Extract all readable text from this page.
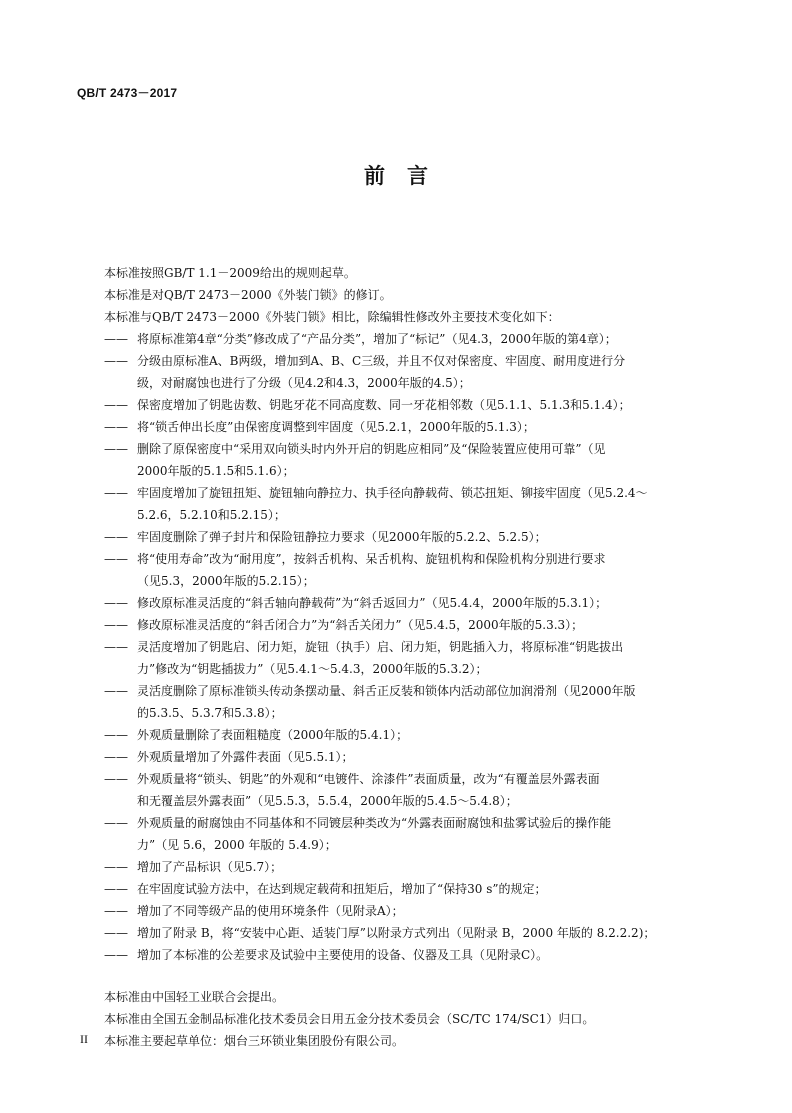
QB/T 2473－2017
前言

本标准按照GB/T 1.1－2009给出的规则起草。

本标准是对QB/T 2473－2000《外装门锁》的修订。

本标准与QB/T 2473－2000《外装门锁》相比，除编辑性修改外主要技术变化如下：

—— 将原标准第4章“分类”修改成了“产品分类”，增加了“标记”（见4.3，2000年版的第4章）；
—— 分级由原标准A、B两级，增加到A、B、C三级，并且不仅对保密度、牢固度、耐用度进行分
级，对耐腐蚀也进行了分级（见4.2和4.3，2000年版的4.5）；
—— 保密度增加了钥匙齿数、钥匙牙花不同高度数、同一牙花相邻数（见5.1.1、5.1.3和5.1.4）；
—— 将“锁舌伸出长度”由保密度调整到牢固度（见5.2.1，2000年版的5.1.3）；
—— 删除了原保密度中“采用双向锁头时内外开启的钥匙应相同”及“保险装置应使用可靠”（见
2000年版的5.1.5和5.1.6）；
—— 牢固度增加了旋钮扭矩、旋钮轴向静拉力、执手径向静载荷、锁芯扭矩、铆接牢固度（见5.2.4～
5.2.6，5.2.10和5.2.15）；
—— 牢固度删除了弹子封片和保险钮静拉力要求（见2000年版的5.2.2、5.2.5）；
—— 将“使用寿命”改为“耐用度”，按斜舌机构、呆舌机构、旋钮机构和保险机构分别进行要求
（见5.3，2000年版的5.2.15）；
—— 修改原标准灵活度的“斜舌轴向静载荷”为“斜舌返回力”（见5.4.4，2000年版的5.3.1）；
—— 修改原标准灵活度的“斜舌闭合力”为“斜舌关闭力”（见5.4.5，2000年版的5.3.3）；
—— 灵活度增加了钥匙启、闭力矩，旋钮（执手）启、闭力矩，钥匙插入力，将原标准“钥匙拔出
力”修改为“钥匙插拔力”（见5.4.1～5.4.3，2000年版的5.3.2）；
—— 灵活度删除了原标准锁头传动条摆动量、斜舌正反装和锁体内活动部位加润滑剂（见2000年版
的5.3.5、5.3.7和5.3.8）；
—— 外观质量删除了表面粗糙度（2000年版的5.4.1）；
—— 外观质量增加了外露件表面（见5.5.1）；
—— 外观质量将“锁头、钥匙”的外观和“电镀件、涂漆件”表面质量，改为“有覆盖层外露表面
和无覆盖层外露表面”（见5.5.3，5.5.4，2000年版的5.4.5～5.4.8）；
—— 外观质量的耐腐蚀由不同基体和不同镀层种类改为“外露表面耐腐蚀和盐雾试验后的操作能
力”（见 5.6，2000 年版的 5.4.9）；
—— 增加了产品标识（见5.7）；
—— 在牢固度试验方法中，在达到规定载荷和扭矩后，增加了“保持30 s”的规定；
—— 增加了不同等级产品的使用环境条件（见附录A）；
—— 增加了附录 B，将“安装中心距、适装门厚”以附录方式列出（见附录 B，2000 年版的 8.2.2.2)；
—— 增加了本标准的公差要求及试验中主要使用的设备、仪器及工具（见附录C）。

本标准由中国轻工业联合会提出。

本标准由全国五金制品标准化技术委员会日用五金分技术委员会（SC/TC 174/SC1）归口。

本标准主要起草单位：烟台三环锁业集团股份有限公司。

II
